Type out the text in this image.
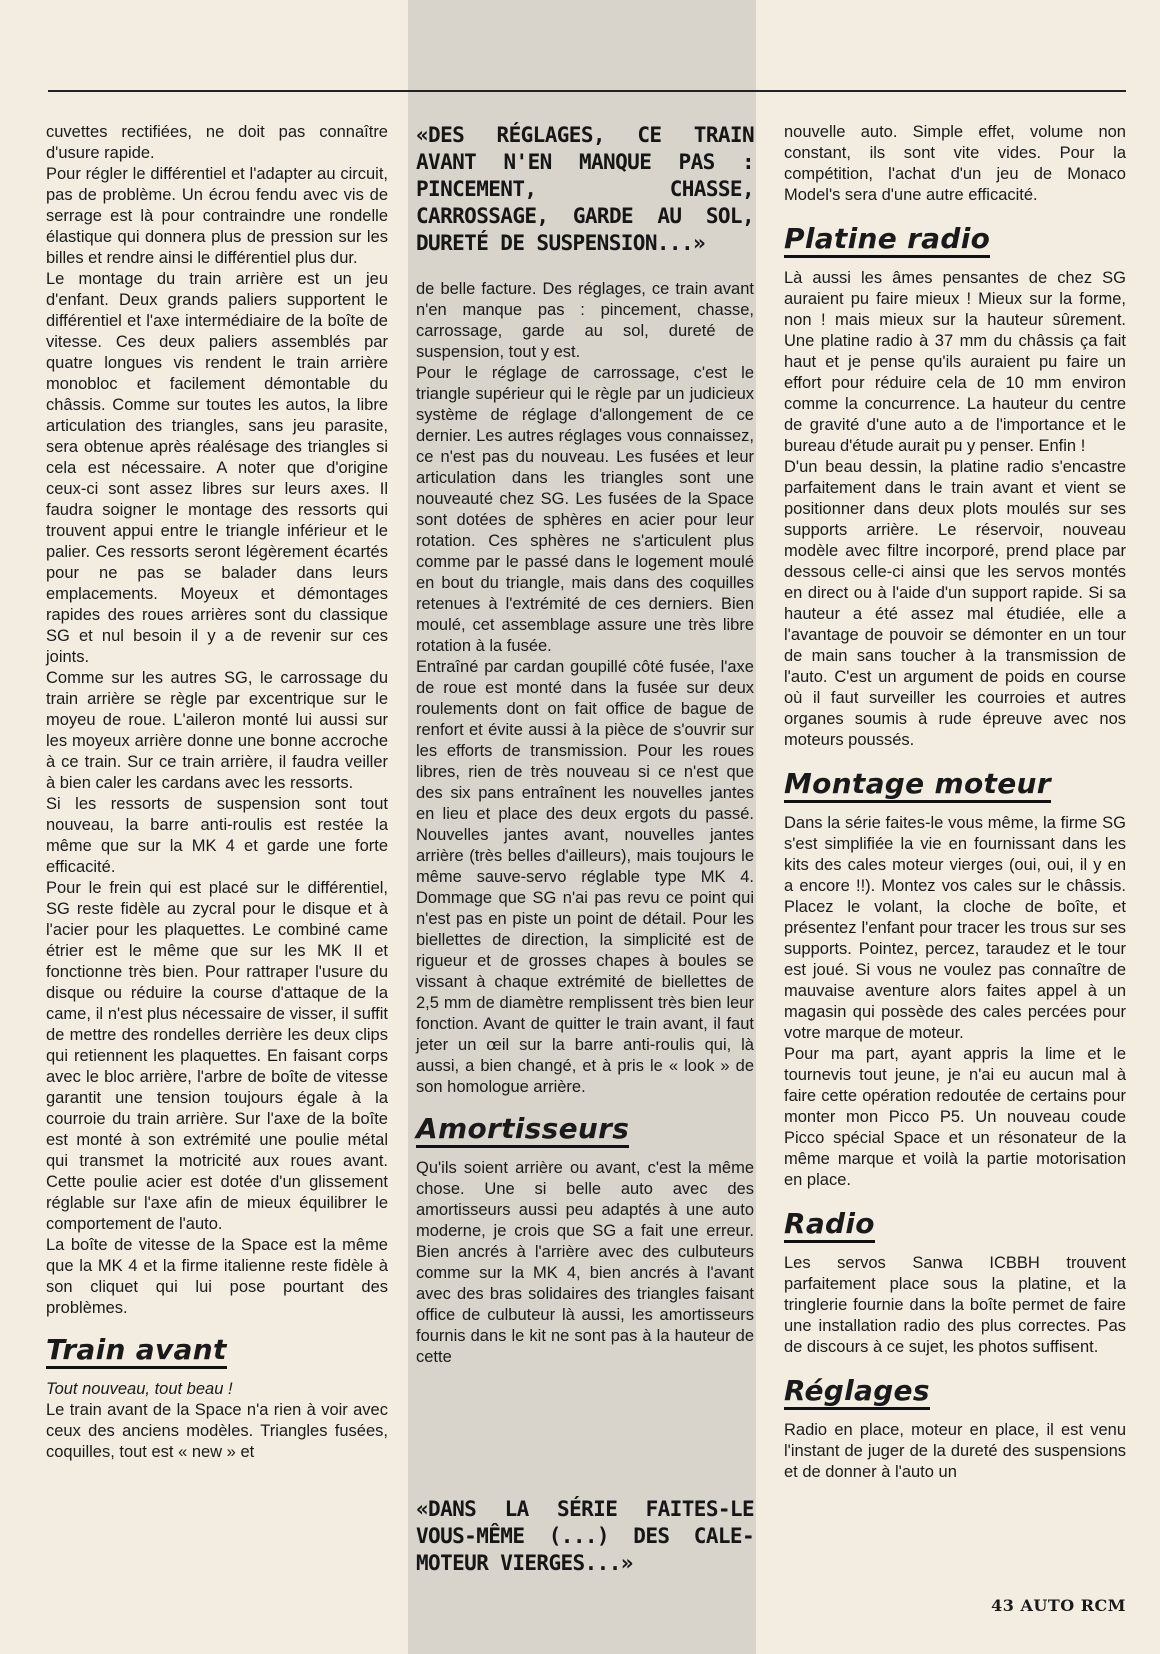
cuvettes rectifiées, ne doit pas connaître d'usure rapide.

Pour régler le différentiel et l'adapter au circuit, pas de problème. Un écrou fendu avec vis de serrage est là pour contraindre une rondelle élastique qui donnera plus de pression sur les billes et rendre ainsi le différentiel plus dur.

Le montage du train arrière est un jeu d'enfant. Deux grands paliers supportent le différentiel et l'axe intermédiaire de la boîte de vitesse. Ces deux paliers assemblés par quatre longues vis rendent le train arrière monobloc et facilement démontable du châssis. Comme sur toutes les autos, la libre articulation des triangles, sans jeu parasite, sera obtenue après réalésage des triangles si cela est nécessaire. A noter que d'origine ceux-ci sont assez libres sur leurs axes. Il faudra soigner le montage des ressorts qui trouvent appui entre le triangle inférieur et le palier. Ces ressorts seront légèrement écartés pour ne pas se balader dans leurs emplacements. Moyeux et démontages rapides des roues arrières sont du classique SG et nul besoin il y a de revenir sur ces joints.

Comme sur les autres SG, le carrossage du train arrière se règle par excentrique sur le moyeu de roue. L'aileron monté lui aussi sur les moyeux arrière donne une bonne accroche à ce train. Sur ce train arrière, il faudra veiller à bien caler les cardans avec les ressorts.

Si les ressorts de suspension sont tout nouveau, la barre anti-roulis est restée la même que sur la MK 4 et garde une forte efficacité.

Pour le frein qui est placé sur le différentiel, SG reste fidèle au zycral pour le disque et à l'acier pour les plaquettes. Le combiné came étrier est le même que sur les MK II et fonctionne très bien. Pour rattraper l'usure du disque ou réduire la course d'attaque de la came, il n'est plus nécessaire de visser, il suffit de mettre des rondelles derrière les deux clips qui retiennent les plaquettes. En faisant corps avec le bloc arrière, l'arbre de boîte de vitesse garantit une tension toujours égale à la courroie du train arrière. Sur l'axe de la boîte est monté à son extrémité une poulie métal qui transmet la motricité aux roues avant. Cette poulie acier est dotée d'un glissement réglable sur l'axe afin de mieux équilibrer le comportement de l'auto.

La boîte de vitesse de la Space est la même que la MK 4 et la firme italienne reste fidèle à son cliquet qui lui pose pourtant des problèmes.

Train avant

Tout nouveau, tout beau !

Le train avant de la Space n'a rien à voir avec ceux des anciens modèles. Triangles fusées, coquilles, tout est « new » et

«DES RÉGLAGES, CE TRAIN AVANT N'EN MANQUE PAS : PINCEMENT, CHASSE, CARROSSAGE, GARDE AU SOL, DURETÉ DE SUSPENSION...»

de belle facture. Des réglages, ce train avant n'en manque pas : pincement, chasse, carrossage, garde au sol, dureté de suspension, tout y est.

Pour le réglage de carrossage, c'est le triangle supérieur qui le règle par un judicieux système de réglage d'allongement de ce dernier. Les autres réglages vous connaissez, ce n'est pas du nouveau. Les fusées et leur articulation dans les triangles sont une nouveauté chez SG. Les fusées de la Space sont dotées de sphères en acier pour leur rotation. Ces sphères ne s'articulent plus comme par le passé dans le logement moulé en bout du triangle, mais dans des coquilles retenues à l'extrémité de ces derniers. Bien moulé, cet assemblage assure une très libre rotation à la fusée.

Entraîné par cardan goupillé côté fusée, l'axe de roue est monté dans la fusée sur deux roulements dont on fait office de bague de renfort et évite aussi à la pièce de s'ouvrir sur les efforts de transmission. Pour les roues libres, rien de très nouveau si ce n'est que des six pans entraînent les nouvelles jantes en lieu et place des deux ergots du passé. Nouvelles jantes avant, nouvelles jantes arrière (très belles d'ailleurs), mais toujours le même sauve-servo réglable type MK 4. Dommage que SG n'ai pas revu ce point qui n'est pas en piste un point de détail. Pour les biellettes de direction, la simplicité est de rigueur et de grosses chapes à boules se vissant à chaque extrémité de biellettes de 2,5 mm de diamètre remplissent très bien leur fonction. Avant de quitter le train avant, il faut jeter un œil sur la barre anti-roulis qui, là aussi, a bien changé, et à pris le « look » de son homologue arrière.

Amortisseurs

Qu'ils soient arrière ou avant, c'est la même chose. Une si belle auto avec des amortisseurs aussi peu adaptés à une auto moderne, je crois que SG a fait une erreur. Bien ancrés à l'arrière avec des culbuteurs comme sur la MK 4, bien ancrés à l'avant avec des bras solidaires des triangles faisant office de culbuteur là aussi, les amortisseurs fournis dans le kit ne sont pas à la hauteur de cette

«DANS LA SÉRIE FAITES-LE VOUS-MÊME (...) DES CALE-MOTEUR VIERGES...»

nouvelle auto. Simple effet, volume non constant, ils sont vite vides. Pour la compétition, l'achat d'un jeu de Monaco Model's sera d'une autre efficacité.

Platine radio

Là aussi les âmes pensantes de chez SG auraient pu faire mieux ! Mieux sur la forme, non ! mais mieux sur la hauteur sûrement. Une platine radio à 37 mm du châssis ça fait haut et je pense qu'ils auraient pu faire un effort pour réduire cela de 10 mm environ comme la concurrence. La hauteur du centre de gravité d'une auto a de l'importance et le bureau d'étude aurait pu y penser. Enfin !

D'un beau dessin, la platine radio s'encastre parfaitement dans le train avant et vient se positionner dans deux plots moulés sur ses supports arrière. Le réservoir, nouveau modèle avec filtre incorporé, prend place par dessous celle-ci ainsi que les servos montés en direct ou à l'aide d'un support rapide. Si sa hauteur a été assez mal étudiée, elle a l'avantage de pouvoir se démonter en un tour de main sans toucher à la transmission de l'auto. C'est un argument de poids en course où il faut surveiller les courroies et autres organes soumis à rude épreuve avec nos moteurs poussés.

Montage moteur

Dans la série faites-le vous même, la firme SG s'est simplifiée la vie en fournissant dans les kits des cales moteur vierges (oui, oui, il y en a encore !!). Montez vos cales sur le châssis. Placez le volant, la cloche de boîte, et présentez l'enfant pour tracer les trous sur ses supports. Pointez, percez, taraudez et le tour est joué. Si vous ne voulez pas connaître de mauvaise aventure alors faites appel à un magasin qui possède des cales percées pour votre marque de moteur.

Pour ma part, ayant appris la lime et le tournevis tout jeune, je n'ai eu aucun mal à faire cette opération redoutée de certains pour monter mon Picco P5. Un nouveau coude Picco spécial Space et un résonateur de la même marque et voilà la partie motorisation en place.

Radio

Les servos Sanwa ICBBH trouvent parfaitement place sous la platine, et la tringlerie fournie dans la boîte permet de faire une installation radio des plus correctes. Pas de discours à ce sujet, les photos suffisent.

Réglages

Radio en place, moteur en place, il est venu l'instant de juger de la dureté des suspensions et de donner à l'auto un

43 AUTO RCM
